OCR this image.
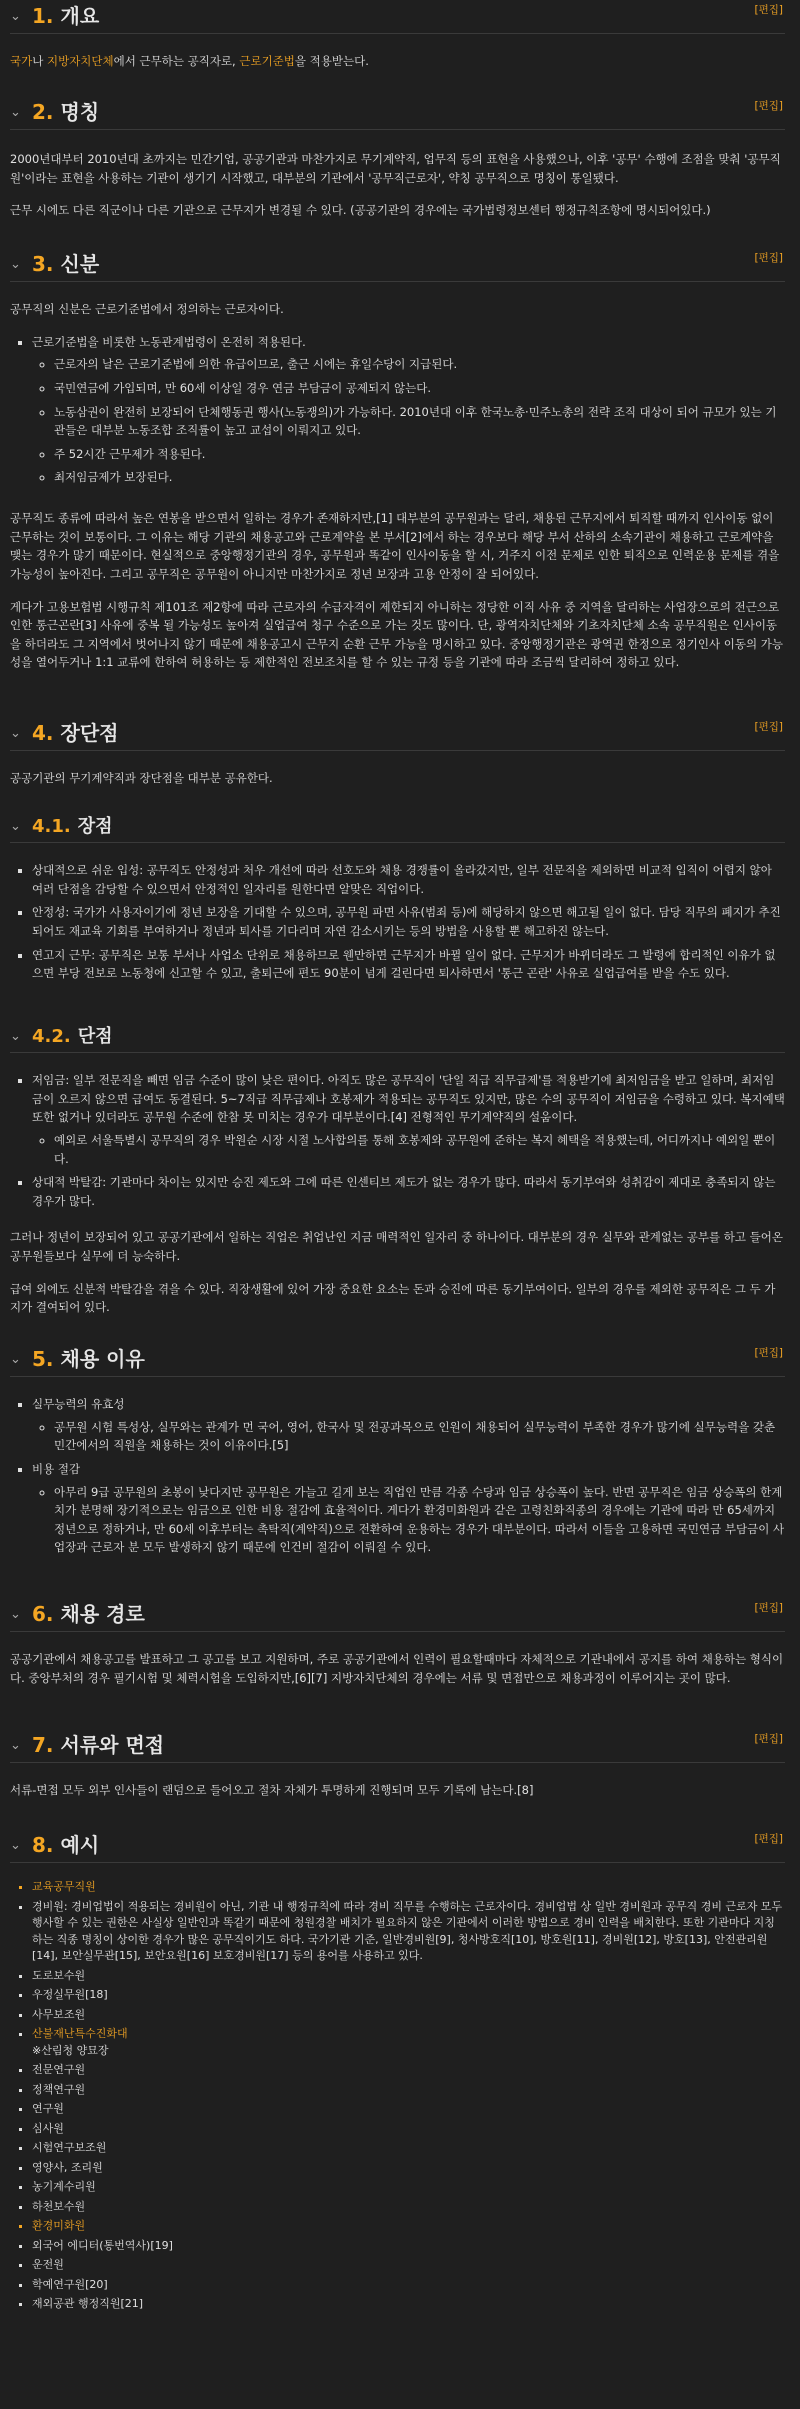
⌄ 1. 개요	[편집]

국가나 지방자치단체에서 근무하는 공직자로, 근로기준법을 적용받는다.

⌄ 2. 명칭	[편집]

2000년대부터 2010년대 초까지는 민간기업, 공공기관과 마찬가지로 무기계약직, 업무직 등의 표현을 사용했으나, 이후 '공무' 수행에 조점을 맞춰 '공무직원'이라는 표현을 사용하는 기관이 생기기 시작했고, 대부분의 기관에서 '공무직근로자', 약칭 공무직으로 명칭이 통일됐다.

근무 시에도 다른 직군이나 다른 기관으로 근무지가 변경될 수 있다. (공공기관의 경우에는 국가법령정보센터 행정규칙조항에 명시되어있다.)

⌄ 3. 신분	[편집]

공무직의 신분은 근로기준법에서 정의하는 근로자이다.

▪ 근로기준법을 비롯한 노동관계법령이 온전히 적용된다.
◦ 근로자의 날은 근로기준법에 의한 유급이므로, 출근 시에는 휴일수당이 지급된다.
◦ 국민연금에 가입되며, 만 60세 이상일 경우 연금 부담금이 공제되지 않는다.
◦ 노동삼권이 완전히 보장되어 단체행동권 행사(노동쟁의)가 가능하다. 2010년대 이후 한국노총·민주노총의 전략 조직 대상이 되어 규모가 있는 기관들은 대부분 노동조합 조직률이 높고 교섭이 이뤄지고 있다.
◦ 주 52시간 근무제가 적용된다.
◦ 최저임금제가 보장된다.

공무직도 종류에 따라서 높은 연봉을 받으면서 일하는 경우가 존재하지만,[1] 대부분의 공무원과는 달리, 채용된 근무지에서 퇴직할 때까지 인사이동 없이 근무하는 것이 보통이다. 그 이유는 해당 기관의 채용공고와 근로계약을 본 부서[2]에서 하는 경우보다 해당 부서 산하의 소속기관이 채용하고 근로계약을 맺는 경우가 많기 때문이다. 현실적으로 중앙행정기관의 경우, 공무원과 똑같이 인사이동을 할 시, 거주지 이전 문제로 인한 퇴직으로 인력운용 문제를 겪을 가능성이 높아진다. 그리고 공무직은 공무원이 아니지만 마찬가지로 정년 보장과 고용 안정이 잘 되어있다.

게다가 고용보험법 시행규칙 제101조 제2항에 따라 근로자의 수급자격이 제한되지 아니하는 정당한 이직 사유 중 지역을 달리하는 사업장으로의 전근으로 인한 통근곤란[3] 사유에 중복 될 가능성도 높아져 실업급여 청구 수준으로 가는 것도 많이다. 단, 광역자치단체와 기초자치단체 소속 공무직원은 인사이동을 하더라도 그 지역에서 벗어나지 않기 때문에 채용공고시 근무지 순환 근무 가능을 명시하고 있다. 중앙행정기관은 광역권 한정으로 정기인사 이동의 가능성을 열어두거나 1:1 교류에 한하여 허용하는 등 제한적인 전보조치를 할 수 있는 규정 등을 기관에 따라 조금씩 달리하여 정하고 있다.

⌄ 4. 장단점	[편집]

공공기관의 무기계약직과 장단점을 대부분 공유한다.

⌄ 4.1. 장점
▪ 상대적으로 쉬운 입성: 공무직도 안정성과 처우 개선에 따라 선호도와 채용 경쟁률이 올라갔지만, 일부 전문직을 제외하면 비교적 입직이 어렵지 않아 여러 단점을 감당할 수 있으면서 안정적인 일자리를 원한다면 알맞은 직업이다.
▪ 안정성: 국가가 사용자이기에 정년 보장을 기대할 수 있으며, 공무원 파면 사유(범죄 등)에 해당하지 않으면 해고될 일이 없다. 담당 직무의 폐지가 추진되어도 재교육 기회를 부여하거나 정년과 퇴사를 기다리며 자연 감소시키는 등의 방법을 사용할 뿐 해고하진 않는다.
▪ 연고지 근무: 공무직은 보통 부서나 사업소 단위로 채용하므로 웬만하면 근무지가 바뀔 일이 없다. 근무지가 바뀌더라도 그 발령에 합리적인 이유가 없으면 부당 전보로 노동청에 신고할 수 있고, 출퇴근에 편도 90분이 넘게 걸린다면 퇴사하면서 '통근 곤란' 사유로 실업급여를 받을 수도 있다.
⌄ 4.2. 단점
▪ 저임금: 일부 전문직을 빼면 임금 수준이 많이 낮은 편이다. 아직도 많은 공무직이 '단일 직급 직무급제'를 적용받기에 최저임금을 받고 일하며, 최저임금이 오르지 않으면 급여도 동결된다. 5~7직급 직무급제나 호봉제가 적용되는 공무직도 있지만, 많은 수의 공무직이 저임금을 수령하고 있다. 복지예택 또한 없거나 있더라도 공무원 수준에 한참 못 미치는 경우가 대부분이다.[4] 전형적인 무기계약직의 설움이다.
◦ 예외로 서울특별시 공무직의 경우 박원순 시장 시절 노사합의를 통해 호봉제와 공무원에 준하는 복지 혜택을 적용했는데, 어디까지나 예외일 뿐이다.
▪ 상대적 박탈감: 기관마다 차이는 있지만 승진 제도와 그에 따른 인센티브 제도가 없는 경우가 많다. 따라서 동기부여와 성취감이 제대로 충족되지 않는 경우가 많다.

그러나 정년이 보장되어 있고 공공기관에서 일하는 직업은 취업난인 지금 매력적인 일자리 중 하나이다. 대부분의 경우 실무와 관계없는 공부를 하고 들어온 공무원들보다 실무에 더 능숙하다.

급여 외에도 신분적 박탈감을 겪을 수 있다. 직장생활에 있어 가장 중요한 요소는 돈과 승진에 따른 동기부여이다. 일부의 경우를 제외한 공무직은 그 두 가지가 결여되어 있다.

⌄ 5. 채용 이유	[편집]
▪ 실무능력의 유효성
◦ 공무원 시험 특성상, 실무와는 관계가 먼 국어, 영어, 한국사 및 전공과목으로 인원이 채용되어 실무능력이 부족한 경우가 많기에 실무능력을 갖춘 민간에서의 직원을 채용하는 것이 이유이다.[5]
▪ 비용 절감
◦ 아무리 9급 공무원의 초봉이 낮다지만 공무원은 가늘고 길게 보는 직업인 만큼 각종 수당과 임금 상승폭이 높다. 반면 공무직은 임금 상승폭의 한계치가 분명해 장기적으로는 임금으로 인한 비용 절감에 효율적이다. 게다가 환경미화원과 같은 고령친화직종의 경우에는 기관에 따라 만 65세까지 정년으로 정하거나, 만 60세 이후부터는 촉탁직(계약직)으로 전환하여 운용하는 경우가 대부분이다. 따라서 이들을 고용하면 국민연금 부담금이 사업장과 근로자 분 모두 발생하지 않기 때문에 인건비 절감이 이뤄질 수 있다.
⌄ 6. 채용 경로	[편집]

공공기관에서 채용공고를 발표하고 그 공고를 보고 지원하며, 주로 공공기관에서 인력이 필요할때마다 자체적으로 기관내에서 공지를 하여 채용하는 형식이다. 중앙부처의 경우 필기시험 및 체력시험을 도입하지만,[6][7] 지방자치단체의 경우에는 서류 및 면접만으로 채용과정이 이루어지는 곳이 많다.

⌄ 7. 서류와 면접	[편집]

서류-면접 모두 외부 인사들이 랜덤으로 들어오고 절차 자체가 투명하게 진행되며 모두 기록에 남는다.[8]

⌄ 8. 예시	[편집]
▪ 교육공무직원
▪ 경비원: 경비업법이 적용되는 경비원이 아닌, 기관 내 행정규칙에 따라 경비 직무를 수행하는 근로자이다. 경비업법 상 일반 경비원과 공무직 경비 근로자 모두 행사할 수 있는 권한은 사실상 일반인과 똑같기 때문에 청원경찰 배치가 필요하지 않은 기관에서 이러한 방법으로 경비 인력을 배치한다. 또한 기관마다 지칭하는 직종 명칭이 상이한 경우가 많은 공무직이기도 하다. 국가기관 기준, 일반경비원[9], 청사방호직[10], 방호원[11], 경비원[12], 방호[13], 안전관리원[14], 보안실무관[15], 보안요원[16] 보호경비원[17] 등의 용어를 사용하고 있다.
▪ 도로보수원
▪ 우정실무원[18]
▪ 사무보조원
▪ 산불재난특수진화대
※산림청 양묘장
▪ 전문연구원
▪ 정책연구원
▪ 연구원
▪ 심사원
▪ 시험연구보조원
▪ 영양사, 조리원
▪ 농기계수리원
▪ 하천보수원
▪ 환경미화원
▪ 외국어 에디터(통번역사)[19]
▪ 운전원
▪ 학예연구원[20]
▪ 재외공관 행정직원[21]
